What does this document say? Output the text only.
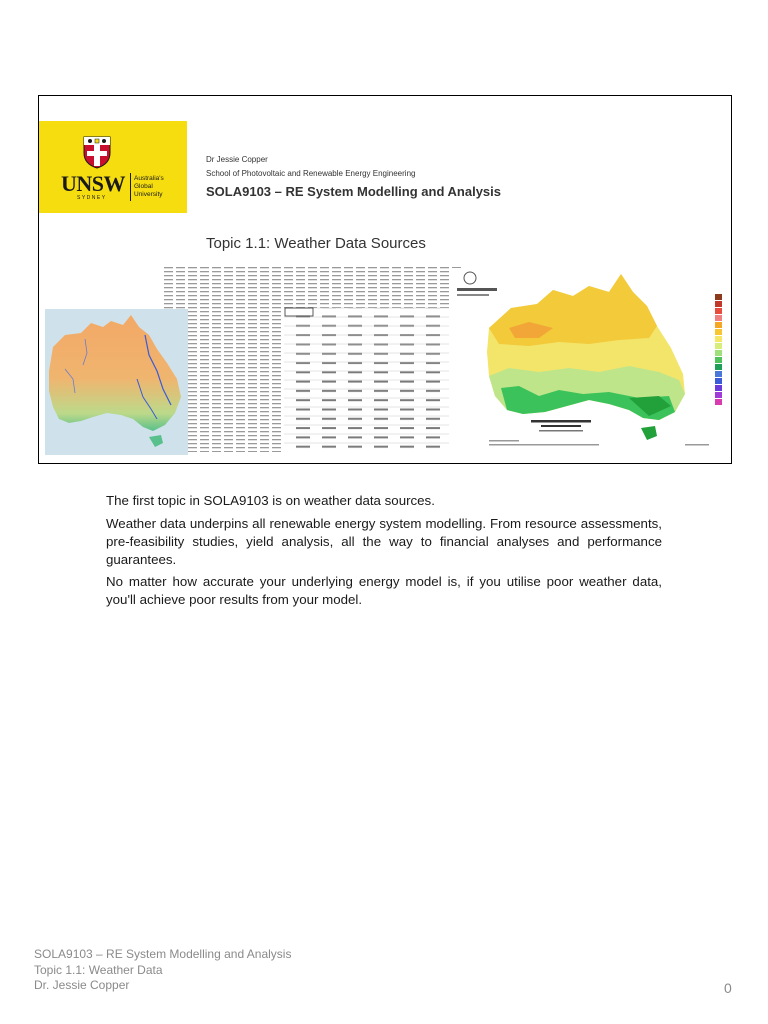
UNSW
SYDNEY
Australia's
Global
University
Dr Jessie Copper
School of Photovoltaic and Renewable Energy Engineering
SOLA9103 – RE System Modelling and Analysis
Topic 1.1: Weather Data Sources

The first topic in SOLA9103 is on weather data sources.

Weather data underpins all renewable energy system modelling. From resource assessments, pre-feasibility studies, yield analysis, all the way to financial analyses and performance guarantees.

No matter how accurate your underlying energy model is, if you utilise poor weather data, you'll achieve poor results from your model.

SOLA9103 – RE System Modelling and Analysis
Topic 1.1: Weather Data
Dr. Jessie Copper	0
